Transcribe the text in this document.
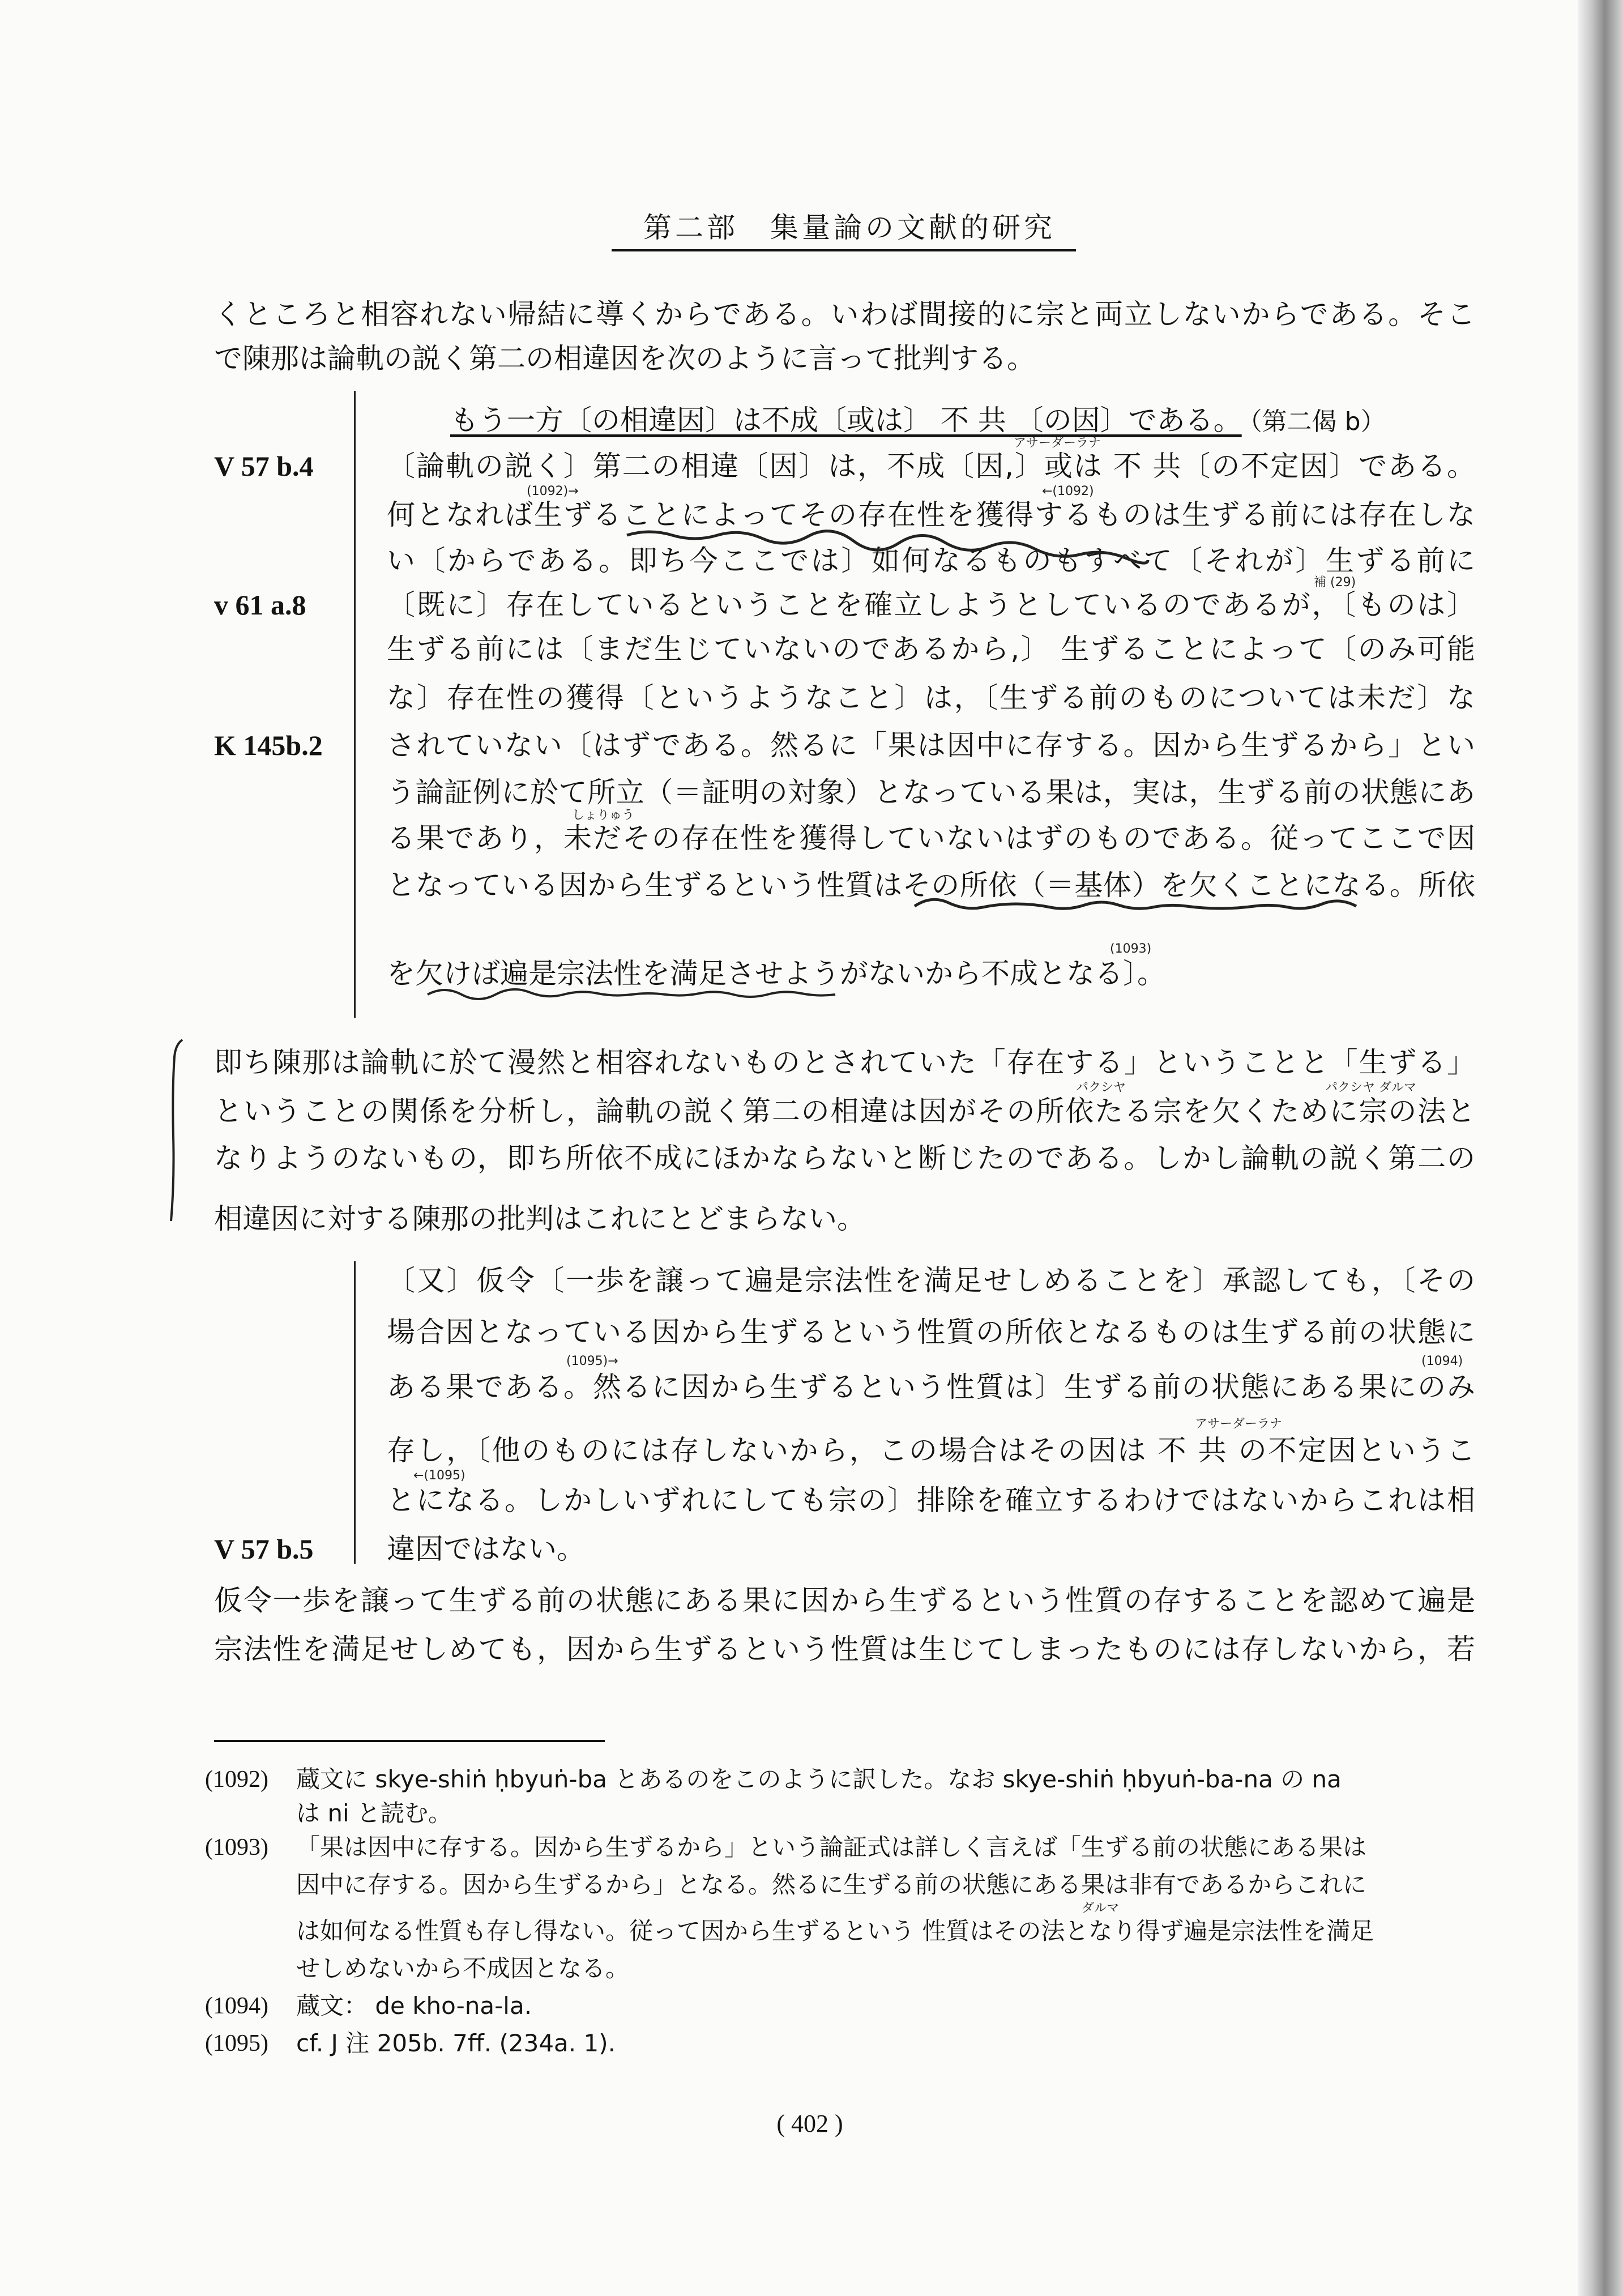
第二部　集量論の文献的研究
くところと相容れない帰結に導くからである。いわば間接的に宗と両立しないからである。そこ
で陳那は論軌の説く第二の相違因を次のように言って批判する。
もう一方〔の相違因〕は不成〔或は〕 不 共 〔の因〕である。 （第二偈 b）
〔論軌の説く〕第二の相違〔因〕は，不成〔因,〕或は 不 共〔の不定因〕である。
何となれば生ずることによってその存在性を獲得するものは生ずる前には存在しな
い〔からである。即ち今ここでは〕如何なるものもすべて〔それが〕生ずる前に
〔既に〕存在しているということを確立しようとしているのであるが，〔ものは〕
生ずる前には〔まだ生じていないのであるから,〕 生ずることによって〔のみ可能
な〕存在性の獲得〔というようなこと〕は，〔生ずる前のものについては未だ〕な
されていない〔はずである。然るに「果は因中に存する。因から生ずるから」とい
う論証例に於て所立（＝証明の対象）となっている果は，実は，生ずる前の状態にあ
る果であり，未だその存在性を獲得していないはずのものである。従ってここで因
となっている因から生ずるという性質はその所依（＝基体）を欠くことになる。所依
を欠けば遍是宗法性を満足させようがないから不成となる〕。
V 57 b.4
v 61 a.8
K 145b.2
アサーダーラナ
(1092)→	←(1092)
補 (29)
しょりゅう
(1093)
即ち陳那は論軌に於て漫然と相容れないものとされていた「存在する」ということと「生ずる」
ということの関係を分析し，論軌の説く第二の相違は因がその所依たる宗を欠くために宗の法と
なりようのないもの，即ち所依不成にほかならないと断じたのである。しかし論軌の説く第二の
相違因に対する陳那の批判はこれにとどまらない。
パクシヤ	パクシヤ ダルマ
〔又〕仮令〔一歩を譲って遍是宗法性を満足せしめることを〕承認しても，〔その
場合因となっている因から生ずるという性質の所依となるものは生ずる前の状態に
ある果である。然るに因から生ずるという性質は〕生ずる前の状態にある果にのみ
存し，〔他のものには存しないから，この場合はその因は 不 共 の不定因というこ
とになる。しかしいずれにしても宗の〕排除を確立するわけではないからこれは相
違因ではない。
V 57 b.5
(1095)→	(1094)
アサーダーラナ
←(1095)
仮令一歩を譲って生ずる前の状態にある果に因から生ずるという性質の存することを認めて遍是
宗法性を満足せしめても，因から生ずるという性質は生じてしまったものには存しないから，若
(1092) 蔵文に skye-shiṅ ḥbyuṅ-ba とあるのをこのように訳した。なお skye-shiṅ ḥbyuṅ-ba-na の na
は ni と読む。
(1093) 「果は因中に存する。因から生ずるから」という論証式は詳しく言えば「生ずる前の状態にある果は
因中に存する。因から生ずるから」となる。然るに生ずる前の状態にある果は非有であるからこれに
は如何なる性質も存し得ない。従って因から生ずるという 性質はその法となり得ず遍是宗法性を満足
せしめないから不成因となる。
ダルマ
(1094) 蔵文： de kho-na-la.
(1095) cf. J 注 205b. 7ff. (234a. 1).
( 402 )
